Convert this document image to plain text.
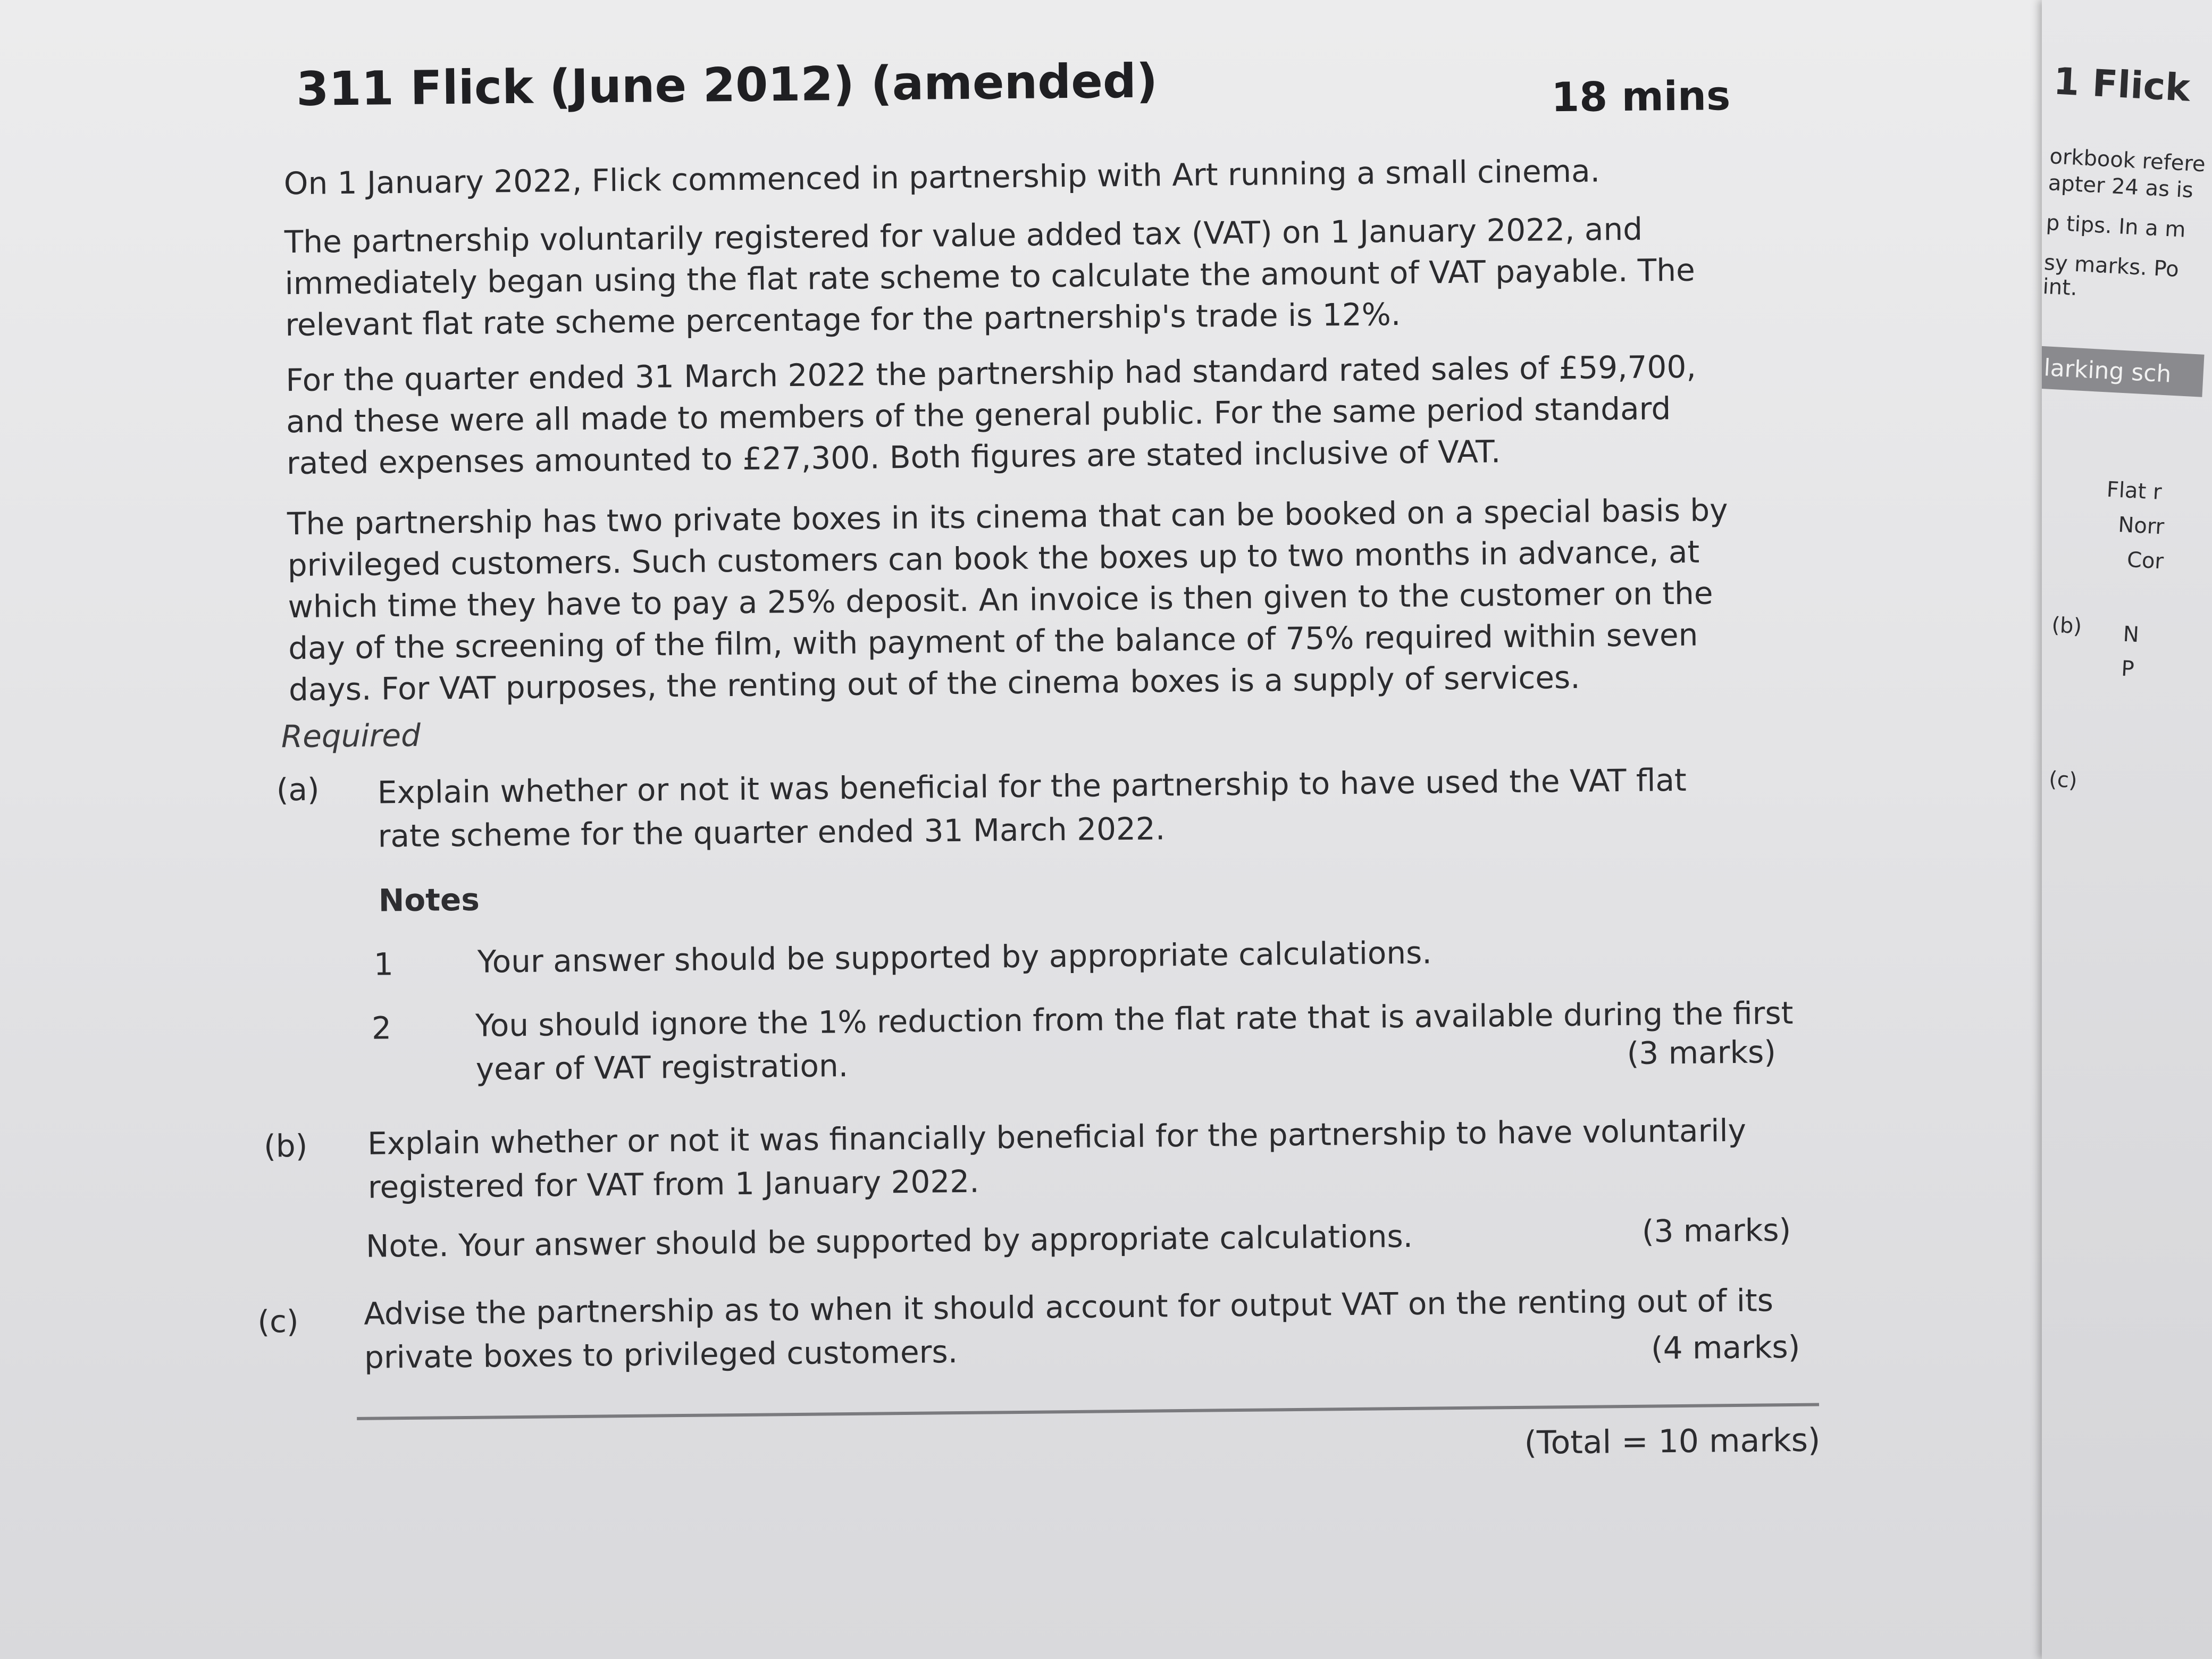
311 Flick (June 2012) (amended)	18 mins
On 1 January 2022, Flick commenced in partnership with Art running a small cinema.
The partnership voluntarily registered for value added tax (VAT) on 1 January 2022, and immediately began using the flat rate scheme to calculate the amount of VAT payable. The relevant flat rate scheme percentage for the partnership's trade is 12%.
For the quarter ended 31 March 2022 the partnership had standard rated sales of £59,700, and these were all made to members of the general public. For the same period standard rated expenses amounted to £27,300. Both figures are stated inclusive of VAT.
The partnership has two private boxes in its cinema that can be booked on a special basis by privileged customers. Such customers can book the boxes up to two months in advance, at which time they have to pay a 25% deposit. An invoice is then given to the customer on the day of the screening of the film, with payment of the balance of 75% required within seven days. For VAT purposes, the renting out of the cinema boxes is a supply of services.
Required
(a) Explain whether or not it was beneficial for the partnership to have used the VAT flat rate scheme for the quarter ended 31 March 2022.
Notes
1	Your answer should be supported by appropriate calculations.
2	You should ignore the 1% reduction from the flat rate that is available during the first year of VAT registration.	(3 marks)
(b) Explain whether or not it was financially beneficial for the partnership to have voluntarily registered for VAT from 1 January 2022.
Note. Your answer should be supported by appropriate calculations.	(3 marks)
(c) Advise the partnership as to when it should account for output VAT on the renting out of its private boxes to privileged customers.	(4 marks)
(Total = 10 marks)
1 Flick
orkbook refere
apter 24 as is
p tips. In a m
sy marks. Po
int.
larking sch
Flat r
Norr
Cor
(b) N
P
(c)
